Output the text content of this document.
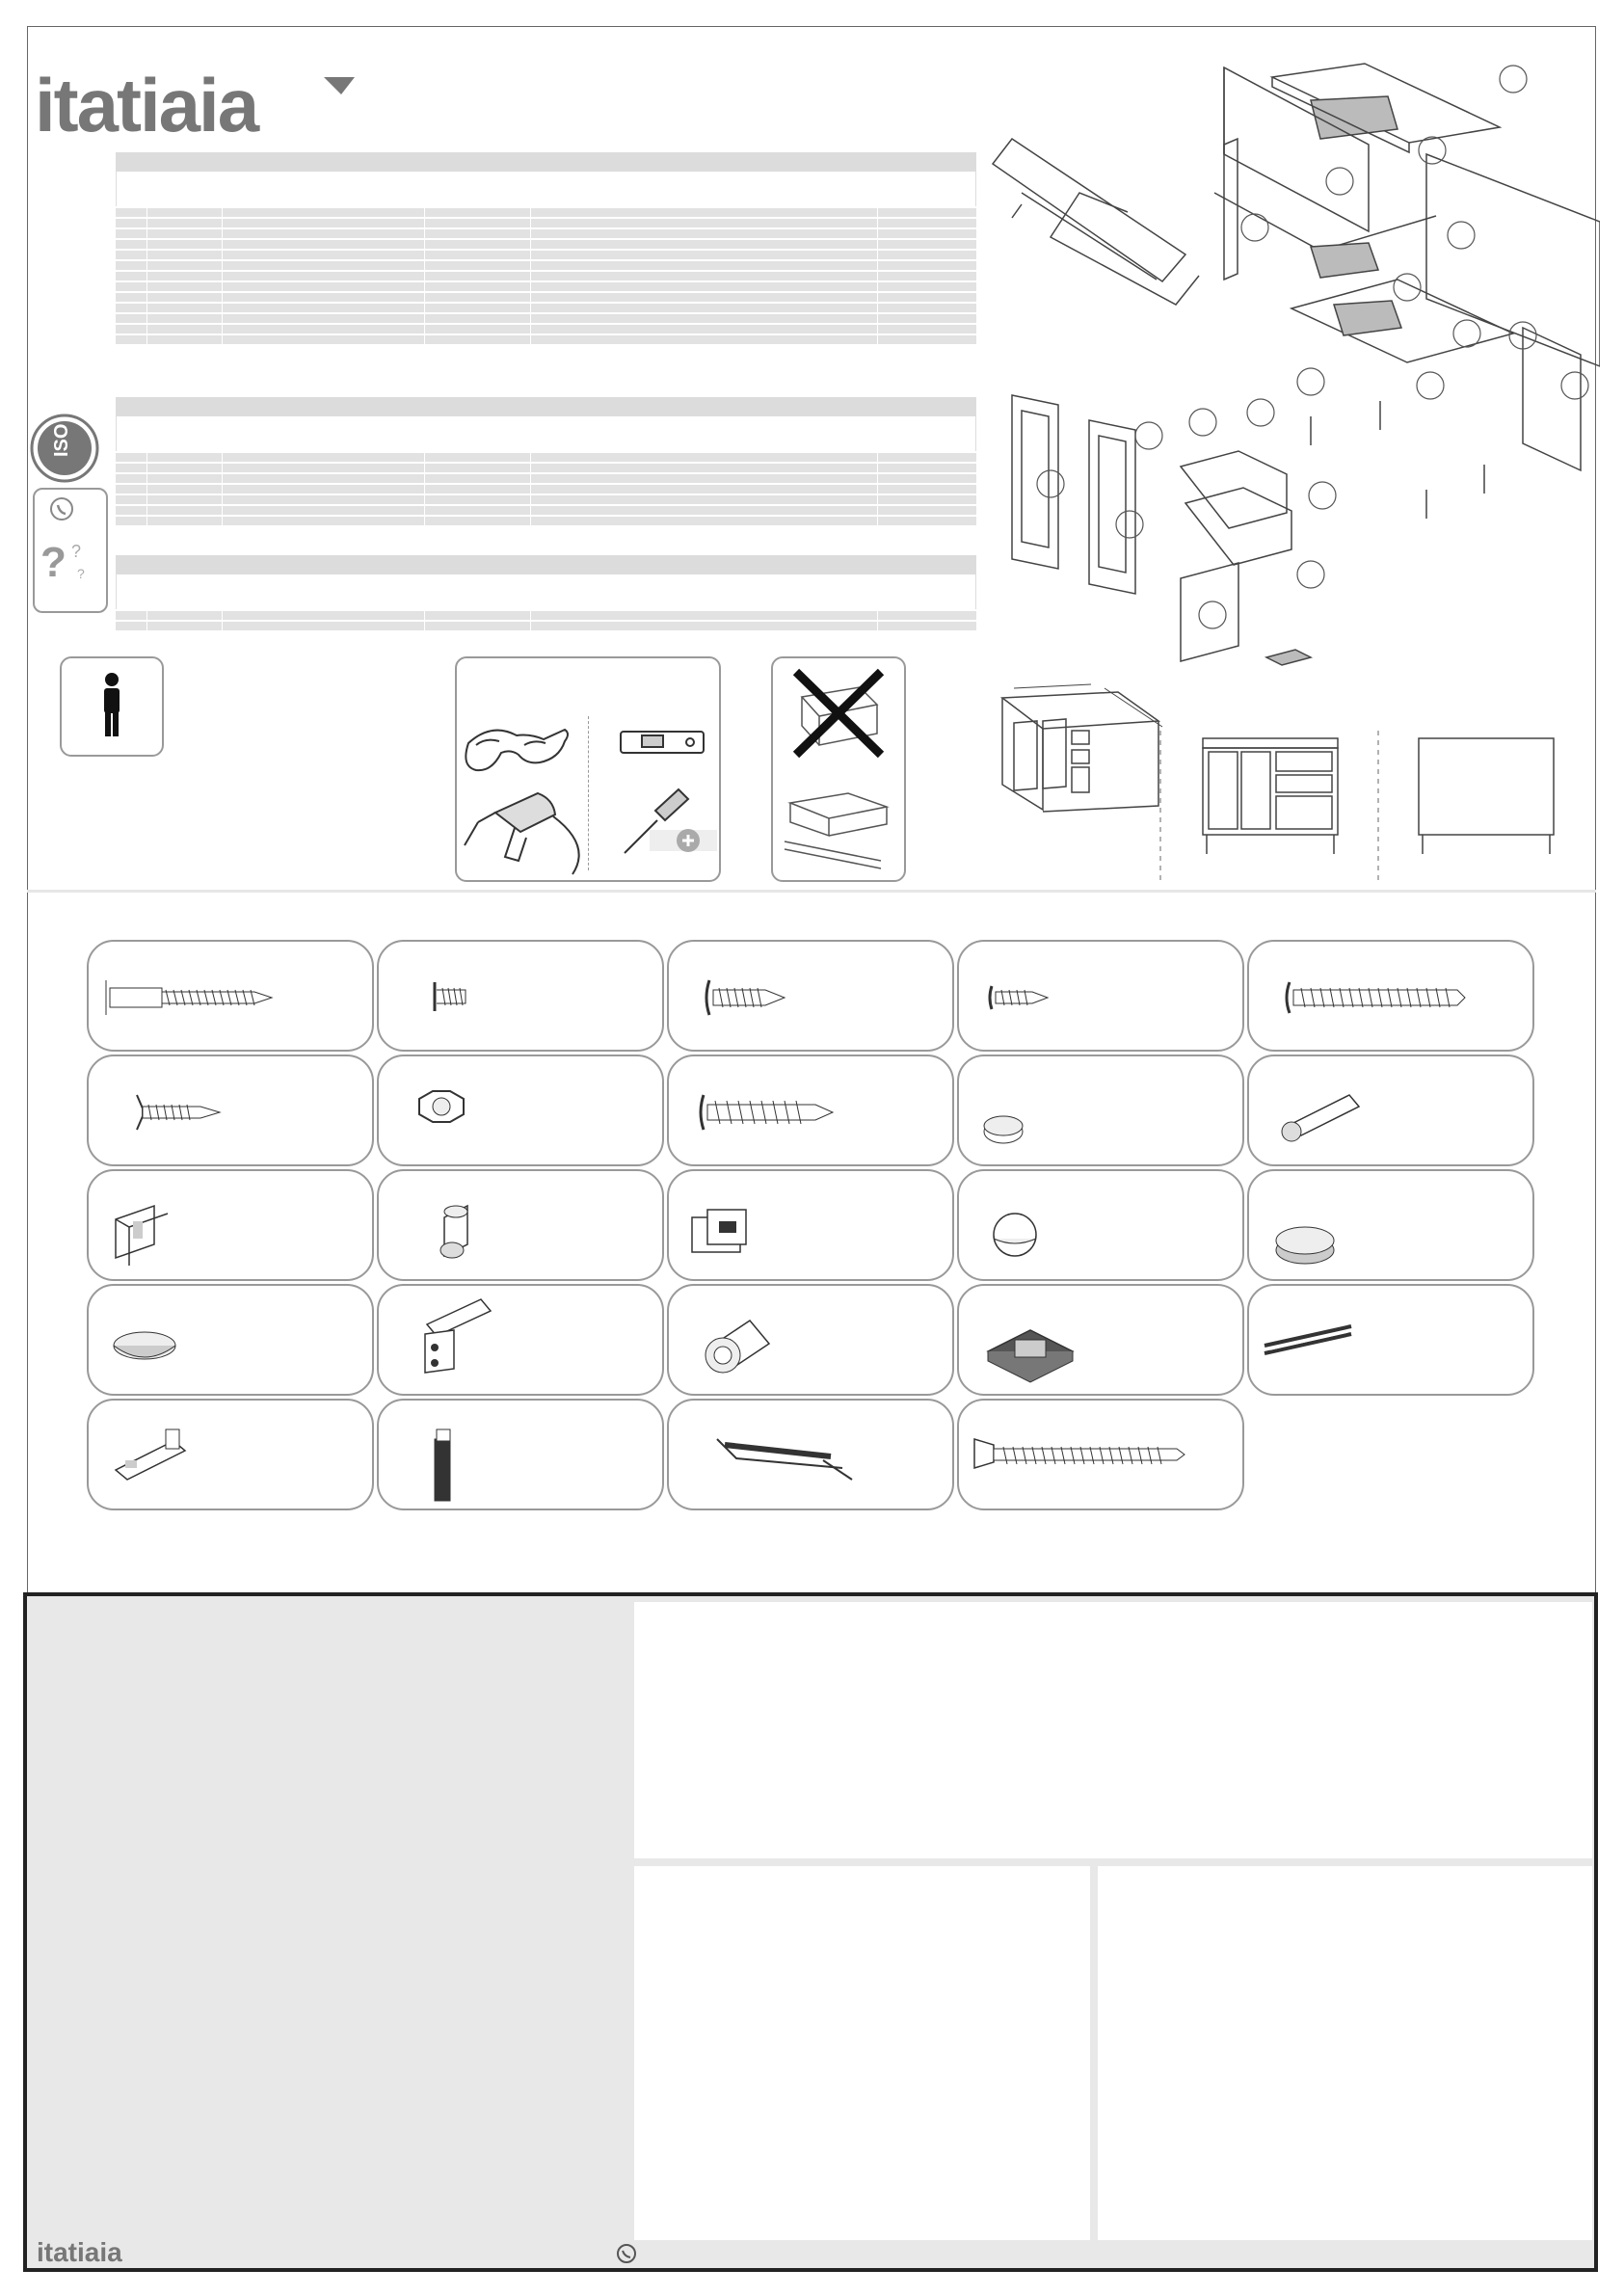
itatiaia
ISO
? ?
?
itatiaia
